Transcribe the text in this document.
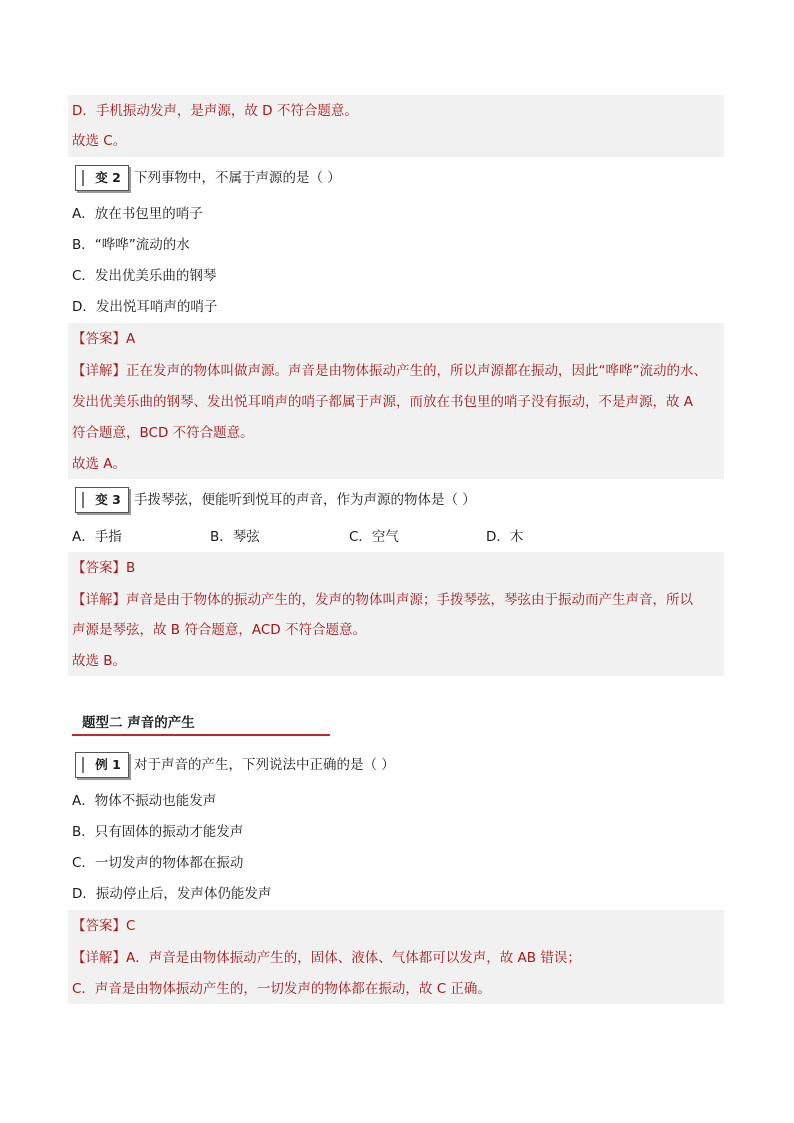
D．手机振动发声，是声源，故 D 不符合题意。
故选 C。
变 2 下列事物中，不属于声源的是（ ）
A．放在书包里的哨子
B．“哗哗”流动的水
C．发出优美乐曲的钢琴
D．发出悦耳哨声的哨子
【答案】A
【详解】正在发声的物体叫做声源。声音是由物体振动产生的，所以声源都在振动，因此“哗哗”流动的水、
发出优美乐曲的钢琴、发出悦耳哨声的哨子都属于声源，而放在书包里的哨子没有振动，不是声源，故 A
符合题意，BCD 不符合题意。
故选 A。
变 3 手拨琴弦，便能听到悦耳的声音，作为声源的物体是（ ）
A．手指	B．琴弦	C．空气	D．木
【答案】B
【详解】声音是由于物体的振动产生的，发声的物体叫声源；手拨琴弦，琴弦由于振动而产生声音，所以
声源是琴弦，故 B 符合题意，ACD 不符合题意。
故选 B。
题型二 声音的产生
例 1 对于声音的产生，下列说法中正确的是（ ）
A．物体不振动也能发声
B．只有固体的振动才能发声
C．一切发声的物体都在振动
D．振动停止后，发声体仍能发声
【答案】C
【详解】A．声音是由物体振动产生的，固体、液体、气体都可以发声，故 AB 错误；
C．声音是由物体振动产生的，一切发声的物体都在振动，故 C 正确。
